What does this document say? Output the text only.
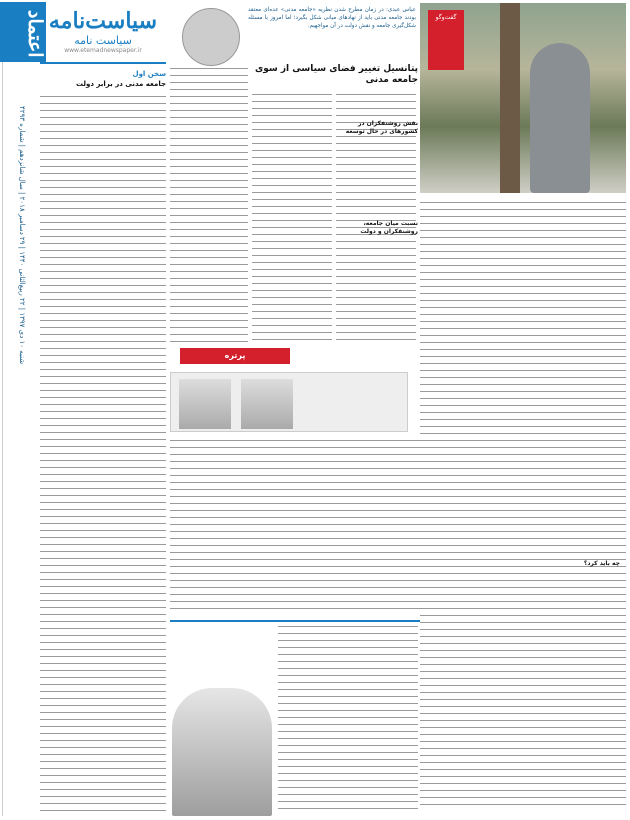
اعتماد
شنبه ۱۰ دی ۱۳۹۷ | ۲۲ ربیع‌الثانی ۱۴۴۰ | ۲۹ دسامبر ۲۰۱۸ | سال شانزدهم | شماره ۴۲۹۳
سیاست‌نامه
سیاست نامه
www.etemadnewspaper.ir
سخن اول
جامعه مدنی در برابر دولت
عباس عبدی: در زمان مطرح شدن نظریه «جامعه مدنی» عده‌ای معتقد بودند جامعه مدنی باید از نهادهای میانی شکل بگیرد؛ اما امروز با مسئله شکل‌گیری جامعه و نقش دولت در آن مواجهیم.
پتانسیل تغییر فضای سیاسی از سوی جامعه مدنی
گفت‌وگو
نقش روشنفکران در کشورهای در حال توسعه
نسبت میان جامعه، روشنفکران و دولت
چه باید کرد؟
پرتره
